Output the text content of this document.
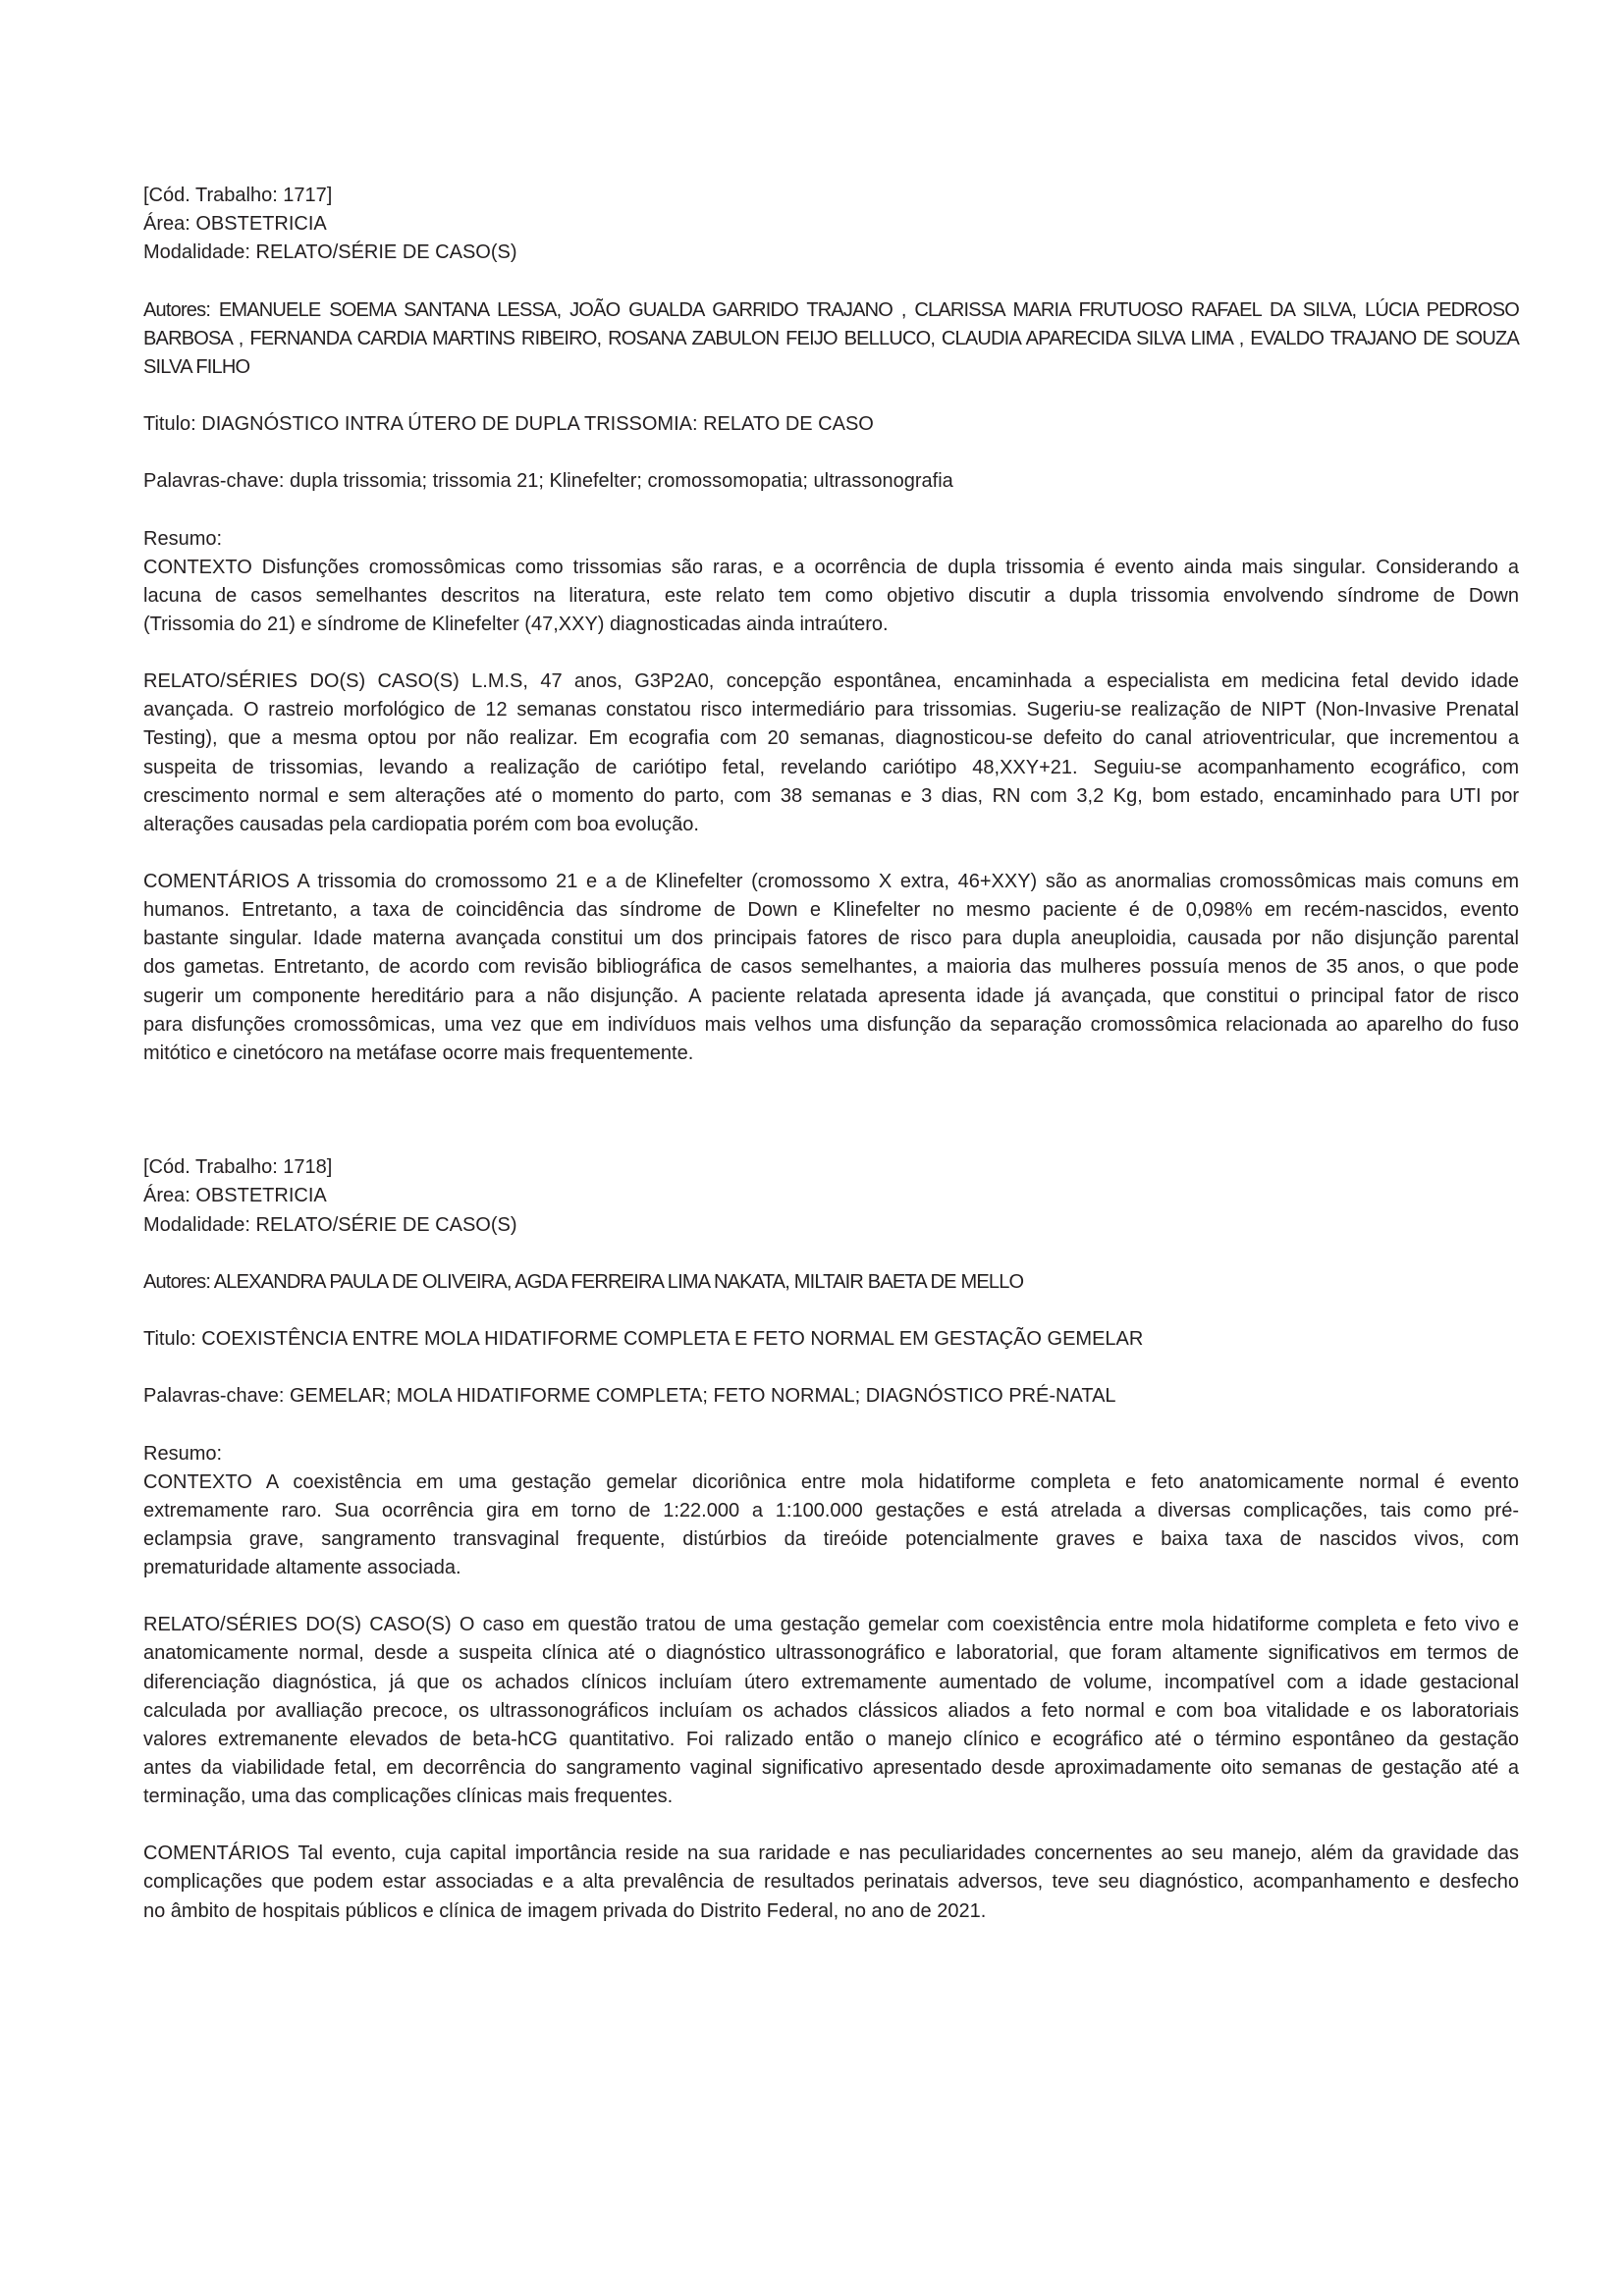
[Cód. Trabalho: 1717]
Área: OBSTETRICIA
Modalidade: RELATO/SÉRIE DE CASO(S)
Autores: EMANUELE SOEMA SANTANA LESSA, JOÃO GUALDA GARRIDO TRAJANO , CLARISSA MARIA FRUTUOSO RAFAEL DA SILVA, LÚCIA PEDROSO
BARBOSA , FERNANDA CARDIA MARTINS RIBEIRO, ROSANA ZABULON FEIJO BELLUCO, CLAUDIA APARECIDA SILVA LIMA , EVALDO TRAJANO DE SOUZA
SILVA FILHO
Titulo: DIAGNÓSTICO INTRA ÚTERO DE DUPLA TRISSOMIA: RELATO DE CASO
Palavras-chave: dupla trissomia; trissomia 21; Klinefelter; cromossomopatia; ultrassonografia
Resumo:
CONTEXTO Disfunções cromossômicas como trissomias são raras, e a ocorrência de dupla trissomia é evento ainda mais singular. Considerando a
lacuna de casos semelhantes descritos na literatura, este relato tem como objetivo discutir a dupla trissomia envolvendo síndrome de Down
(Trissomia do 21) e síndrome de Klinefelter (47,XXY) diagnosticadas ainda intraútero.
RELATO/SÉRIES DO(S) CASO(S) L.M.S, 47 anos, G3P2A0, concepção espontânea, encaminhada a especialista em medicina fetal devido idade
avançada. O rastreio morfológico de 12 semanas constatou risco intermediário para trissomias. Sugeriu-se realização de NIPT (Non-Invasive Prenatal
Testing), que a mesma optou por não realizar. Em ecografia com 20 semanas, diagnosticou-se defeito do canal atrioventricular, que incrementou a
suspeita de trissomias, levando a realização de cariótipo fetal, revelando cariótipo 48,XXY+21. Seguiu-se acompanhamento ecográfico, com
crescimento normal e sem alterações até o momento do parto, com 38 semanas e 3 dias, RN com 3,2 Kg, bom estado, encaminhado para UTI por
alterações causadas pela cardiopatia porém com boa evolução.
COMENTÁRIOS A trissomia do cromossomo 21 e a de Klinefelter (cromossomo X extra, 46+XXY) são as anormalias cromossômicas mais comuns em
humanos. Entretanto, a taxa de coincidência das síndrome de Down e Klinefelter no mesmo paciente é de 0,098% em recém-nascidos, evento
bastante singular. Idade materna avançada constitui um dos principais fatores de risco para dupla aneuploidia, causada por não disjunção parental
dos gametas. Entretanto, de acordo com revisão bibliográfica de casos semelhantes, a maioria das mulheres possuía menos de 35 anos, o que pode
sugerir um componente hereditário para a não disjunção. A paciente relatada apresenta idade já avançada, que constitui o principal fator de risco
para disfunções cromossômicas, uma vez que em indivíduos mais velhos uma disfunção da separação cromossômica relacionada ao aparelho do fuso
mitótico e cinetócoro na metáfase ocorre mais frequentemente.
[Cód. Trabalho: 1718]
Área: OBSTETRICIA
Modalidade: RELATO/SÉRIE DE CASO(S)
Autores: ALEXANDRA PAULA DE OLIVEIRA, AGDA FERREIRA LIMA NAKATA, MILTAIR BAETA DE MELLO
Titulo: COEXISTÊNCIA ENTRE MOLA HIDATIFORME COMPLETA E FETO NORMAL EM GESTAÇÃO GEMELAR
Palavras-chave: GEMELAR; MOLA HIDATIFORME COMPLETA; FETO NORMAL; DIAGNÓSTICO PRÉ-NATAL
Resumo:
CONTEXTO A coexistência em uma gestação gemelar dicoriônica entre mola hidatiforme completa e feto anatomicamente normal é evento
extremamente raro. Sua ocorrência gira em torno de 1:22.000 a 1:100.000 gestações e está atrelada a diversas complicações, tais como pré-
eclampsia grave, sangramento transvaginal frequente, distúrbios da tireóide potencialmente graves e baixa taxa de nascidos vivos, com
prematuridade altamente associada.
RELATO/SÉRIES DO(S) CASO(S) O caso em questão tratou de uma gestação gemelar com coexistência entre mola hidatiforme completa e feto vivo e
anatomicamente normal, desde a suspeita clínica até o diagnóstico ultrassonográfico e laboratorial, que foram altamente significativos em termos de
diferenciação diagnóstica, já que os achados clínicos incluíam útero extremamente aumentado de volume, incompatível com a idade gestacional
calculada por avalliação precoce, os ultrassonográficos incluíam os achados clássicos aliados a feto normal e com boa vitalidade e os laboratoriais
valores extremanente elevados de beta-hCG quantitativo. Foi ralizado então o manejo clínico e ecográfico até o término espontâneo da gestação
antes da viabilidade fetal, em decorrência do sangramento vaginal significativo apresentado desde aproximadamente oito semanas de gestação até a
terminação, uma das complicações clínicas mais frequentes.
COMENTÁRIOS Tal evento, cuja capital importância reside na sua raridade e nas peculiaridades concernentes ao seu manejo, além da gravidade das
complicações que podem estar associadas e a alta prevalência de resultados perinatais adversos, teve seu diagnóstico, acompanhamento e desfecho
no âmbito de hospitais públicos e clínica de imagem privada do Distrito Federal, no ano de 2021.
